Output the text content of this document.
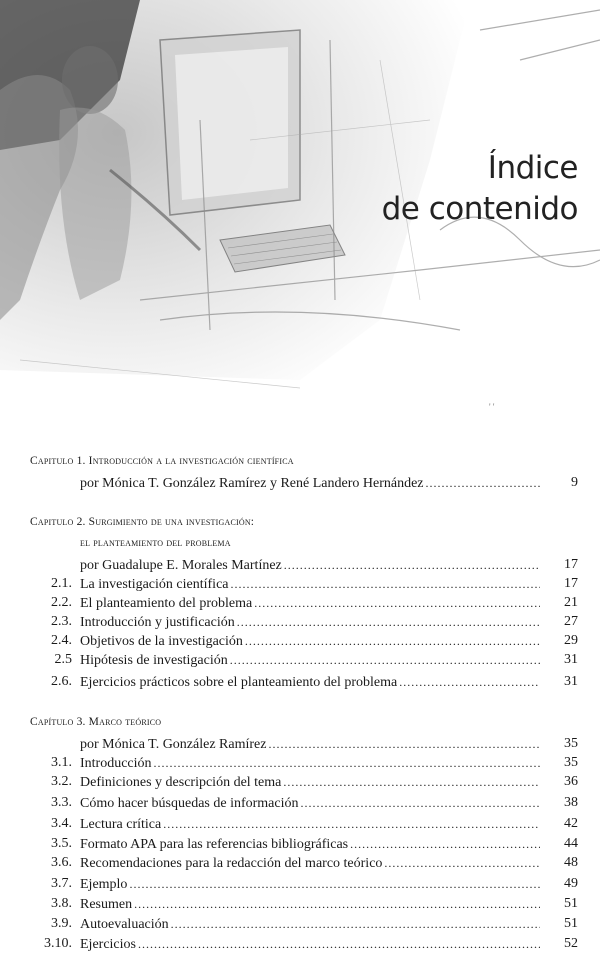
Índice
de contenido
' '
Capitulo 1. Introducción a la investigación científica
por Mónica T. González Ramírez y René Landero Hernández .....	9
Capitulo 2. Surgimiento de una investigación:
el planteamiento del problema
por Guadalupe E. Morales Martínez .....	17
2.1. La investigación científica .....	17
2.2. El planteamiento del problema .....	21
2.3. Introducción y justificación .....	27
2.4. Objetivos de la investigación .....	29
2.5 Hipótesis de investigación .....	31
2.6. Ejercicios prácticos sobre el planteamiento del problema .....	31
Capítulo 3. Marco teórico
por Mónica T. González Ramírez .....	35
3.1. Introducción .....	35
3.2. Definiciones y descripción del tema .....	36
3.3. Cómo hacer búsquedas de información .....	38
3.4. Lectura crítica .....	42
3.5. Formato APA para las referencias bibliográficas .....	44
3.6. Recomendaciones para la redacción del marco teórico .....	48
3.7. Ejemplo .....	49
3.8. Resumen .....	51
3.9. Autoevaluación .....	51
3.10. Ejercicios .....	52
